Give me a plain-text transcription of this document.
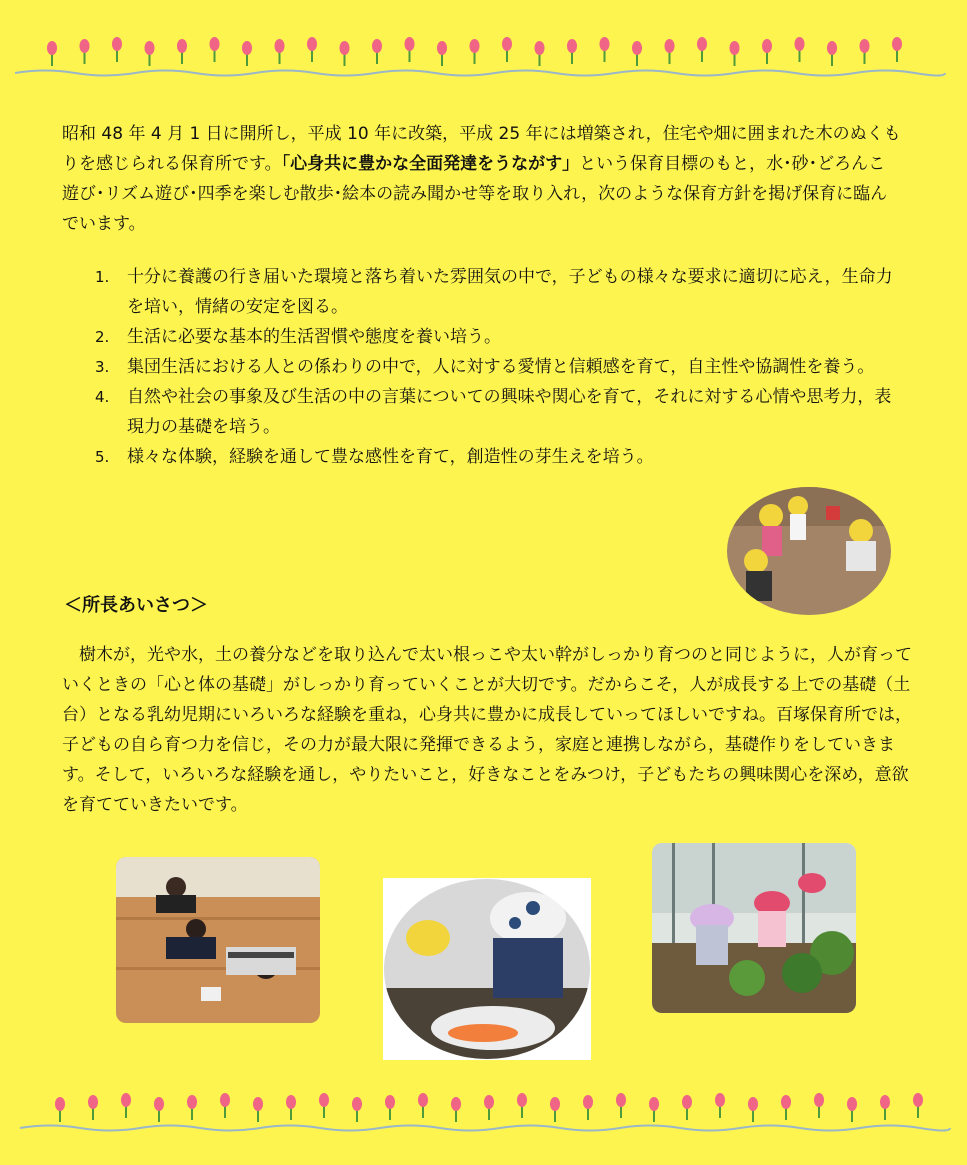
昭和 48 年 4 月 1 日に開所し，平成 10 年に改築，平成 25 年には増築され，住宅や畑に囲まれた木のぬくもりを感じられる保育所です。「心身共に豊かな全面発達をうながす」という保育目標のもと，水･砂･どろんこ遊び･リズム遊び･四季を楽しむ散歩･絵本の読み聞かせ等を取り入れ，次のような保育方針を掲げ保育に臨んでいます。

1. 十分に養護の行き届いた環境と落ち着いた雰囲気の中で，子どもの様々な要求に適切に応え，生命力を培い，情緒の安定を図る。
2. 生活に必要な基本的生活習慣や態度を養い培う。
3. 集団生活における人との係わりの中で，人に対する愛情と信頼感を育て，自主性や協調性を養う。
4. 自然や社会の事象及び生活の中の言葉についての興味や関心を育て，それに対する心情や思考力，表現力の基礎を培う。
5. 様々な体験，経験を通して豊な感性を育て，創造性の芽生えを培う。
＜所長あいさつ＞

　樹木が，光や水，土の養分などを取り込んで太い根っこや太い幹がしっかり育つのと同じように，人が育っていくときの「心と体の基礎」がしっかり育っていくことが大切です。だからこそ，人が成長する上での基礎（土台）となる乳幼児期にいろいろな経験を重ね，心身共に豊かに成長していってほしいですね。百塚保育所では，子どもの自ら育つ力を信じ，その力が最大限に発揮できるよう，家庭と連携しながら，基礎作りをしていきます。そして，いろいろな経験を通し，やりたいこと，好きなことをみつけ，子どもたちの興味関心を深め，意欲を育てていきたいです。
